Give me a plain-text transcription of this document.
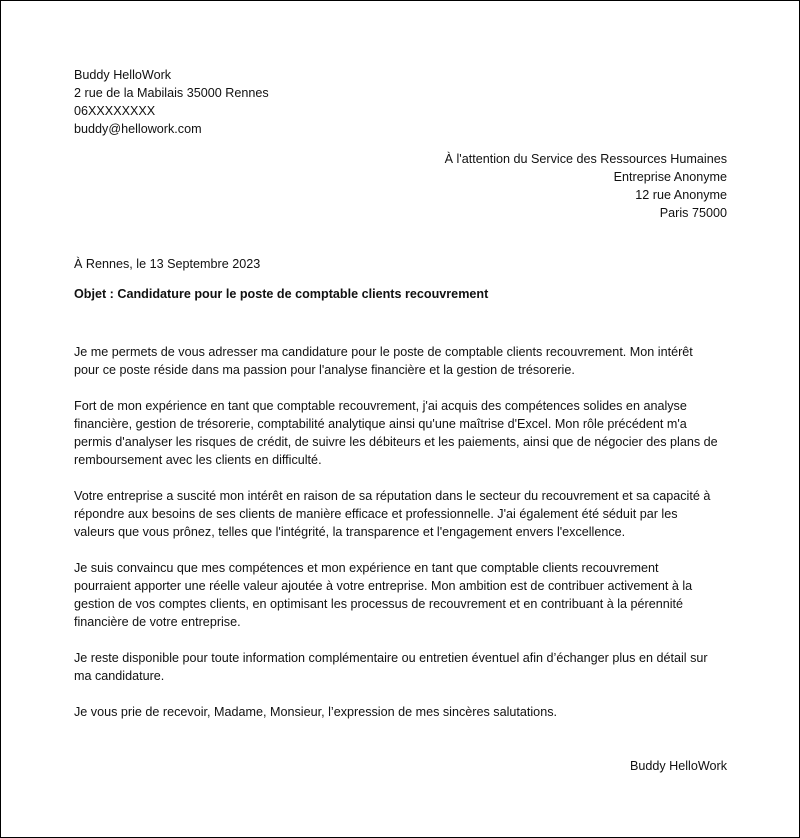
Buddy HelloWork
2 rue de la Mabilais 35000 Rennes
06XXXXXXXX
buddy@hellowork.com
À l'attention du Service des Ressources Humaines
Entreprise Anonyme
12 rue Anonyme
Paris 75000
À Rennes, le 13 Septembre 2023
Objet : Candidature pour le poste de comptable clients recouvrement

Je me permets de vous adresser ma candidature pour le poste de comptable clients recouvrement. Mon intérêt
pour ce poste réside dans ma passion pour l'analyse financière et la gestion de trésorerie.

Fort de mon expérience en tant que comptable recouvrement, j'ai acquis des compétences solides en analyse
financière, gestion de trésorerie, comptabilité analytique ainsi qu'une maîtrise d'Excel. Mon rôle précédent m'a
permis d'analyser les risques de crédit, de suivre les débiteurs et les paiements, ainsi que de négocier des plans de
remboursement avec les clients en difficulté.

Votre entreprise a suscité mon intérêt en raison de sa réputation dans le secteur du recouvrement et sa capacité à
répondre aux besoins de ses clients de manière efficace et professionnelle. J'ai également été séduit par les
valeurs que vous prônez, telles que l'intégrité, la transparence et l'engagement envers l'excellence.

Je suis convaincu que mes compétences et mon expérience en tant que comptable clients recouvrement
pourraient apporter une réelle valeur ajoutée à votre entreprise. Mon ambition est de contribuer activement à la
gestion de vos comptes clients, en optimisant les processus de recouvrement et en contribuant à la pérennité
financière de votre entreprise.

Je reste disponible pour toute information complémentaire ou entretien éventuel afin d’échanger plus en détail sur
ma candidature.

Je vous prie de recevoir, Madame, Monsieur, l’expression de mes sincères salutations.

Buddy HelloWork
